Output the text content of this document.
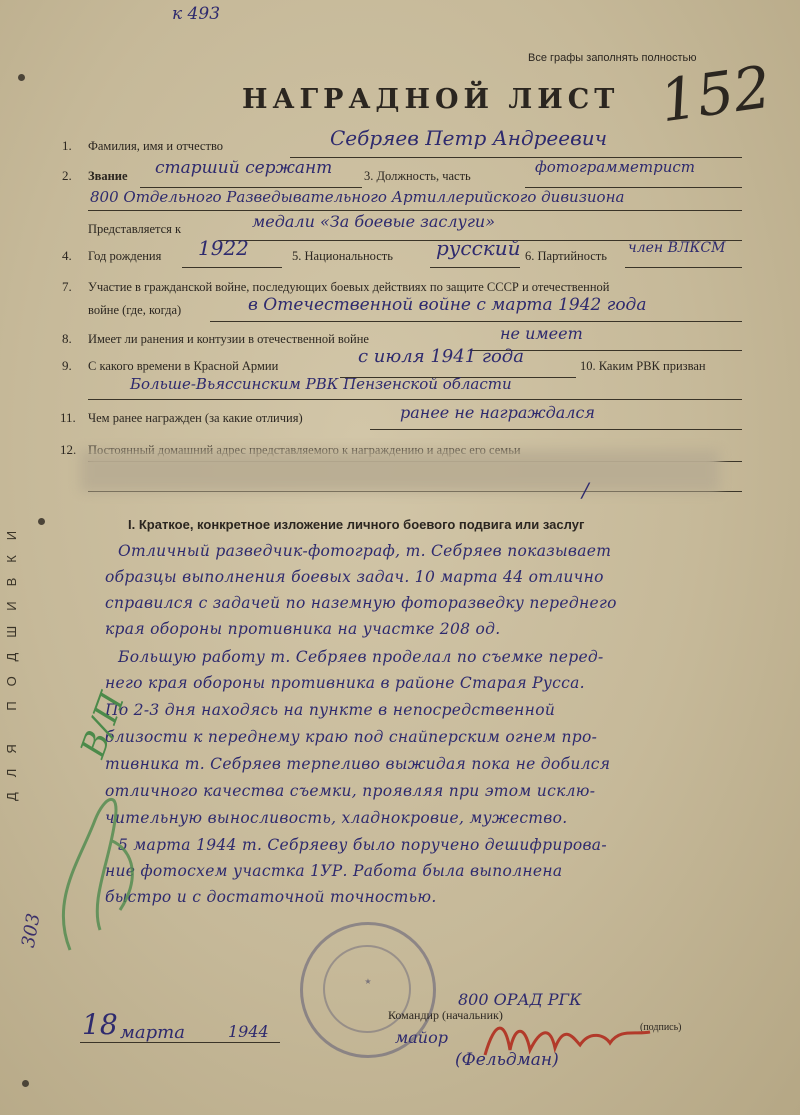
к 493
Все графы заполнять полностью
152
НАГРАДНОЙ ЛИСТ
ДЛЯ ПОДШИВКИ
1. Фамилия, имя и отчество	Себряев Петр Андреевич
2. Звание старший сержант	3. Должность, часть	фотограмметрист
800 Отдельного Разведывательного Артиллерийского дивизиона
Представляется к	медали «За боевые заслуги»
4. Год рождения 1922	5. Национальность русский 6. Партийность член ВЛКСМ
7. Участие в гражданской войне, последующих боевых действиях по защите СССР и отечественной
войне (где, когда)	в Отечественной войне с марта 1942 года
8. Имеет ли ранения и контузии в отечественной войне	не имеет
9. С какого времени в Красной Армии	с июля 1941 года	10. Каким РВК призван
Больше-Вьяссинским РВК Пензенской области
11. Чем ранее награжден (за какие отличия)	ранее не награждался
12.
/
I. Краткое, конкретное изложение личного боевого подвига или заслуг
Отличный разведчик-фотограф, т. Себряев показывает
образцы выполнения боевых задач. 10 марта 44 отлично
справился с задачей по наземную фоторазведку переднего
края обороны противника на участке 208 од.
Большую работу т. Себряев проделал по съемке перед-
него края обороны противника в районе Старая Русса.
По 2-3 дня находясь на пункте в непосредственной
близости к переднему краю под снайперским огнем про-
тивника т. Себряев терпеливо выжидая пока не добился
отличного качества съемки, проявляя при этом исклю-
чительную выносливость, хладнокровие, мужество.
5 марта 1944 т. Себряеву было поручено дешифрирова-
ние фотосхем участка 1УР. Работа была выполнена
быстро и с достаточной точностью.
303
В/П
★
18 марта	1944
800 ОРАД РГК
Командир (начальник)
майор
(подпись)
(Фельдман)
